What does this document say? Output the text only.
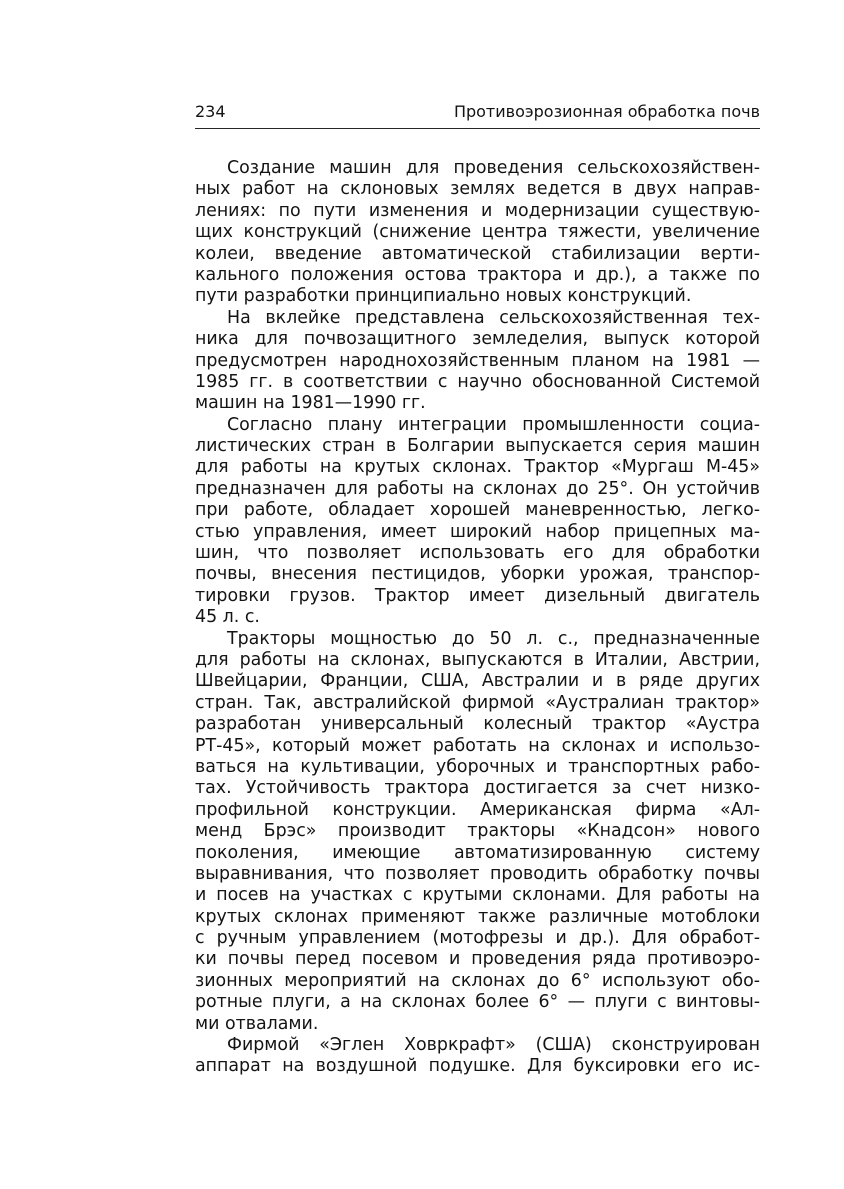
234	Противоэрозионная обработка почв
Создание машин для проведения сельскохозяйствен-
ных работ на склоновых землях ведется в двух направ-
лениях: по пути изменения и модернизации существую-
щих конструкций (снижение центра тяжести, увеличение
колеи, введение автоматической стабилизации верти-
кального положения остова трактора и др.), а также по
пути разработки принципиально новых конструкций.
На вклейке представлена сельскохозяйственная тех-
ника для почвозащитного земледелия, выпуск которой
предусмотрен народнохозяйственным планом на 1981 —
1985 гг. в соответствии с научно обоснованной Системой
машин на 1981—1990 гг.
Согласно плану интеграции промышленности социа-
листических стран в Болгарии выпускается серия машин
для работы на крутых склонах. Трактор «Мургаш М-45»
предназначен для работы на склонах до 25°. Он устойчив
при работе, обладает хорошей маневренностью, легко-
стью управления, имеет широкий набор прицепных ма-
шин, что позволяет использовать его для обработки
почвы, внесения пестицидов, уборки урожая, транспор-
тировки грузов. Трактор имеет дизельный двигатель
45 л. с.
Тракторы мощностью до 50 л. с., предназначенные
для работы на склонах, выпускаются в Италии, Австрии,
Швейцарии, Франции, США, Австралии и в ряде других
стран. Так, австралийской фирмой «Аустралиан трактор»
разработан универсальный колесный трактор «Аустра
РТ-45», который может работать на склонах и использо-
ваться на культивации, уборочных и транспортных рабо-
тах. Устойчивость трактора достигается за счет низко-
профильной конструкции. Американская фирма «Ал-
менд Брэс» производит тракторы «Кнадсон» нового
поколения, имеющие автоматизированную систему
выравнивания, что позволяет проводить обработку почвы
и посев на участках с крутыми склонами. Для работы на
крутых склонах применяют также различные мотоблоки
с ручным управлением (мотофрезы и др.). Для обработ-
ки почвы перед посевом и проведения ряда противоэро-
зионных мероприятий на склонах до 6° используют обо-
ротные плуги, а на склонах более 6° — плуги с винтовы-
ми отвалами.
Фирмой «Эглен Ховркрафт» (США) сконструирован
аппарат на воздушной подушке. Для буксировки его ис-
